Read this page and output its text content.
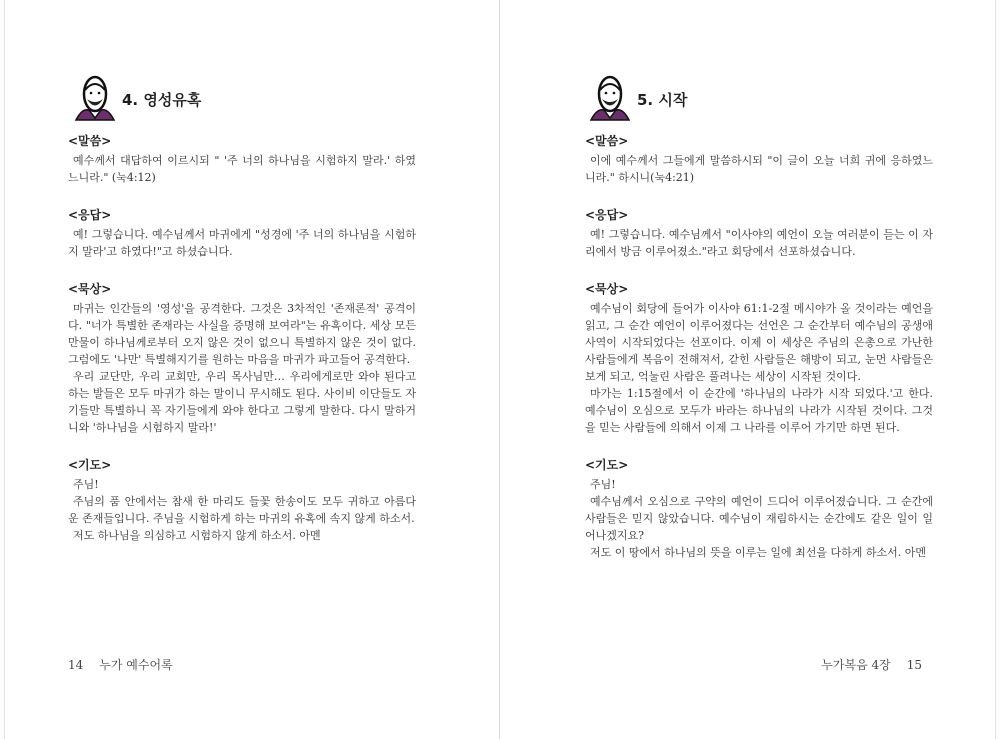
4. 영성유혹
<말씀>

예수께서 대답하여 이르시되 " '주 너의 하나님을 시험하지 말라.' 하였느니라." (눅4:12)

<응답>

예! 그렇습니다. 예수님께서 마귀에게 "성경에 '주 너의 하나님을 시험하지 말라'고 하였다!"고 하셨습니다.

<묵상>

마귀는 인간들의 '영성'을 공격한다. 그것은 3차적인 '존재론적' 공격이다. "너가 특별한 존재라는 사실을 증명해 보여라"는 유혹이다. 세상 모든 만물이 하나님께로부터 오지 않은 것이 없으니 특별하지 않은 것이 없다. 그럼에도 '나만' 특별해지기를 원하는 마음을 마귀가 파고들어 공격한다.

우리 교단만, 우리 교회만, 우리 목사님만… 우리에게로만 와야 된다고 하는 발들은 모두 마귀가 하는 말이니 무시해도 된다. 사이비 이단들도 자기들만 특별하니 꼭 자기들에게 와야 한다고 그렇게 말한다. 다시 말하거니와 '하나님을 시험하지 말라!'

<기도>

주님!

주님의 품 안에서는 참새 한 마리도 들꽃 한송이도 모두 귀하고 아름다운 존재들입니다. 주님을 시험하게 하는 마귀의 유혹에 속지 않게 하소서.

저도 하나님을 의심하고 시험하지 않게 하소서. 아멘

14 누가 예수어록
5. 시작
<말씀>

이에 예수께서 그들에게 말씀하시되 "이 글이 오늘 너희 귀에 응하였느니라." 하시니(눅4:21)

<응답>

예! 그렇습니다. 예수님께서 "이사야의 예언이 오늘 여러분이 듣는 이 자리에서 방금 이루어졌소."라고 회당에서 선포하셨습니다.

<묵상>

예수님이 회당에 들어가 이사야 61:1-2절 메시야가 올 것이라는 예언을 읽고, 그 순간 예언이 이루어졌다는 선언은 그 순간부터 예수님의 공생애 사역이 시작되었다는 선포이다. 이제 이 세상은 주님의 은총으로 가난한 사람들에게 복음이 전해져서, 갇힌 사람들은 해방이 되고, 눈먼 사람들은 보게 되고, 억눌린 사람은 풀려나는 세상이 시작된 것이다.

마가는 1:15절에서 이 순간에 '하나님의 나라가 시작 되었다.'고 한다. 예수님이 오심으로 모두가 바라는 하나님의 나라가 시작된 것이다. 그것을 믿는 사람들에 의해서 이제 그 나라를 이루어 가기만 하면 된다.

<기도>

주님!

예수님께서 오심으로 구약의 예언이 드디어 이루어졌습니다. 그 순간에 사람들은 믿지 않았습니다. 예수님이 재림하시는 순간에도 같은 일이 일어나겠지요?

저도 이 땅에서 하나님의 뜻을 이루는 일에 최선을 다하게 하소서. 아멘

누가복음 4장 15
